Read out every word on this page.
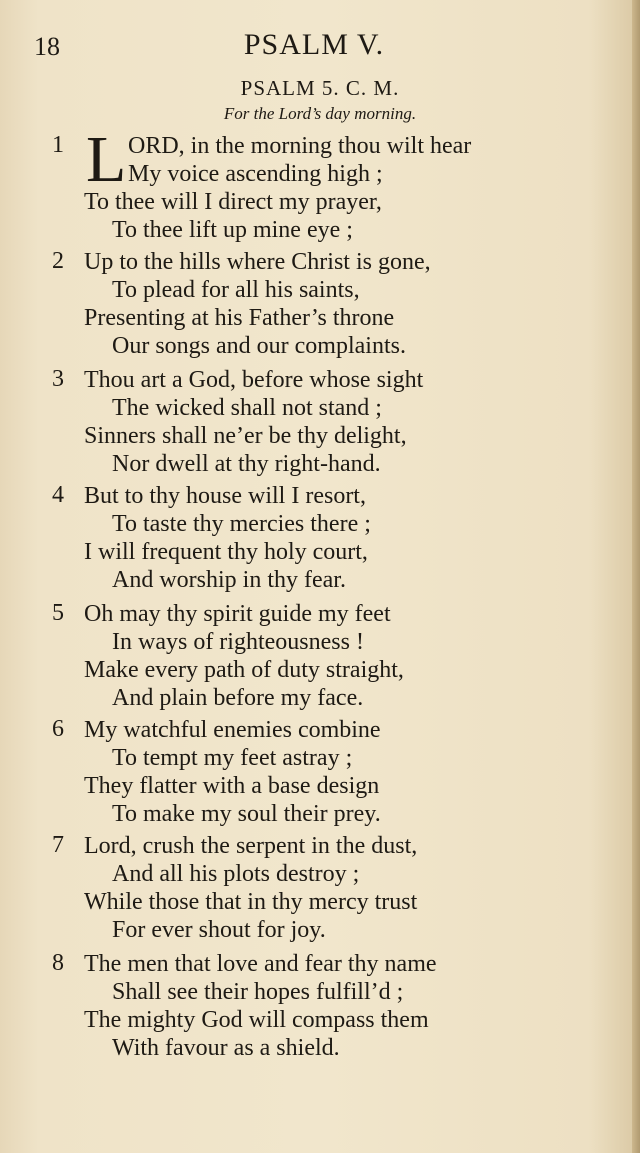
18	PSALM V.
PSALM 5. C. M.
For the Lord’s day morning.
L
1	ORD, in the morning thou wilt hear
My voice ascending high ;
To thee will I direct my prayer,
To thee lift up mine eye ;
2 Up to the hills where Christ is gone,
To plead for all his saints,
Presenting at his Father’s throne
Our songs and our complaints.
3 Thou art a God, before whose sight
The wicked shall not stand ;
Sinners shall ne’er be thy delight,
Nor dwell at thy right-hand.
4 But to thy house will I resort,
To taste thy mercies there ;
I will frequent thy holy court,
And worship in thy fear.
5 Oh may thy spirit guide my feet
In ways of righteousness !
Make every path of duty straight,
And plain before my face.
6 My watchful enemies combine
To tempt my feet astray ;
They flatter with a base design
To make my soul their prey.
7 Lord, crush the serpent in the dust,
And all his plots destroy ;
While those that in thy mercy trust
For ever shout for joy.
8 The men that love and fear thy name
Shall see their hopes fulfill’d ;
The mighty God will compass them
With favour as a shield.
